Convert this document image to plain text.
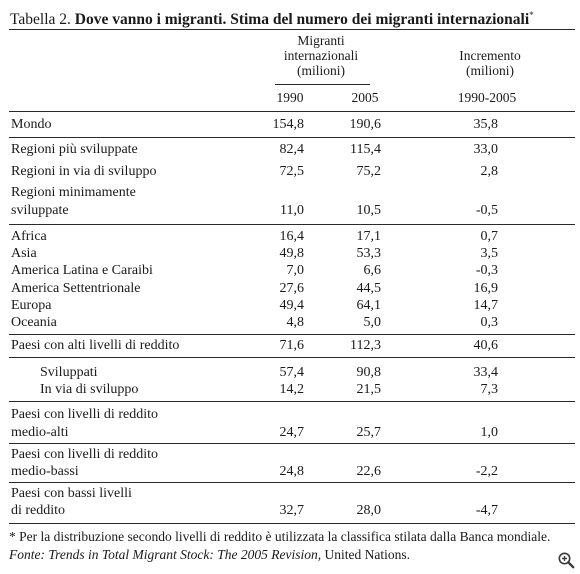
Tabella 2. Dove vanno i migranti. Stima del numero dei migranti internazionali*
Migranti
internazionali
(milioni)
Incremento
(milioni)
1990	2005	1990-2005
Mondo	154,8	190,6	35,8
Regioni più sviluppate	82,4	115,4	33,0
Regioni in via di sviluppo	72,5	75,2	2,8
Regioni minimamente
sviluppate	11,0	10,5	-0,5
Africa	16,4	17,1	0,7
Asia	49,8	53,3	3,5
America Latina e Caraibi	7,0	6,6	-0,3
America Settentrionale	27,6	44,5	16,9
Europa	49,4	64,1	14,7
Oceania	4,8	5,0	0,3
Paesi con alti livelli di reddito	71,6	112,3	40,6
Sviluppati	57,4	90,8	33,4
In via di sviluppo	14,2	21,5	7,3
Paesi con livelli di reddito
medio-alti	24,7	25,7	1,0
Paesi con livelli di reddito
medio-bassi	24,8	22,6	-2,2
Paesi con bassi livelli
di reddito	32,7	28,0	-4,7
* Per la distribuzione secondo livelli di reddito è utilizzata la classifica stilata dalla Banca mondiale.
Fonte: Trends in Total Migrant Stock: The 2005 Revision, United Nations.
